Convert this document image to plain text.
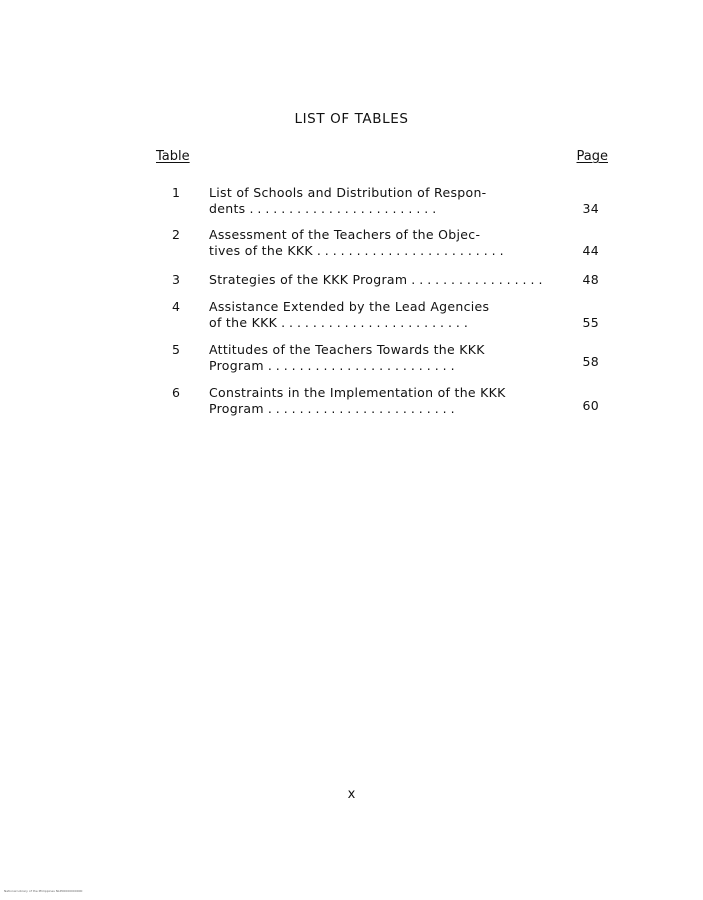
LIST OF TABLES
Table	Page
1 List of Schools and Distribution of Respon-
dents . .	34
2 Assessment of the Teachers of the Objec-
tives of the KKK . .	44
3 Strategies of the KKK Program . .	48
4 Assistance Extended by the Lead Agencies
of the KKK . .	55
5 Attitudes of the Teachers Towards the KKK
Program . .	58
6 Constraints in the Implementation of the KKK
Program . .	60
x
National Library of the Philippines NLP00000000000
